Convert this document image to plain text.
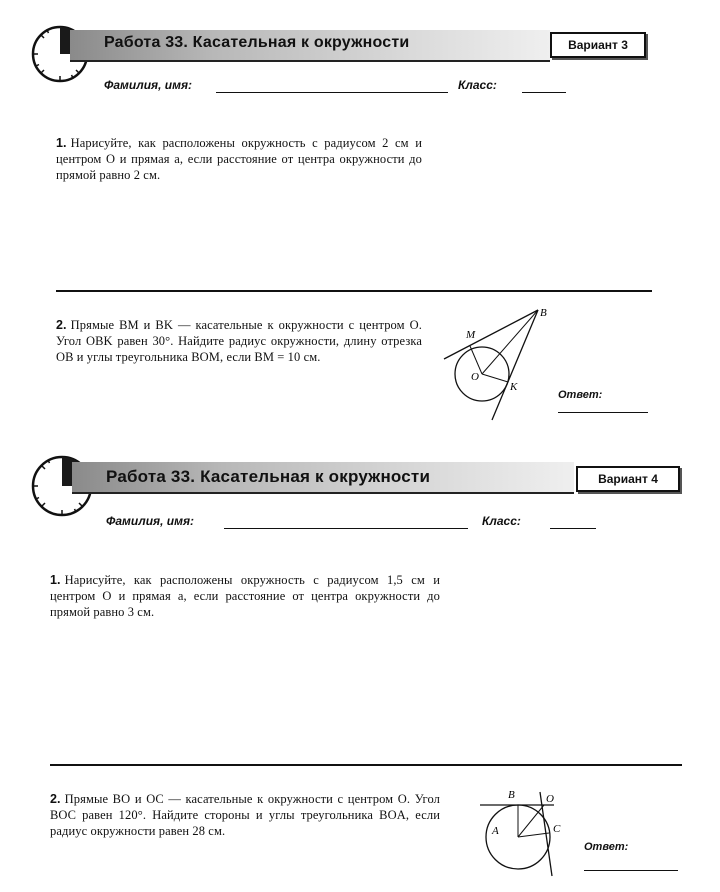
Работа 33. Касательная к окружности	Вариант 3
Фамилия, имя:	Класс:
1. Нарисуйте, как расположены окружность с радиусом 2 см и центром O и прямая a, если расстояние от центра окружности до прямой равно 2 см.
2. Прямые BM и BK — касательные к окружности с центром O. Угол OBK равен 30°. Найдите радиус окружности, длину отрезка OB и углы треугольника BOM, если BM = 10 см.
B
M
O
K
Ответ:
Работа 33. Касательная к окружности	Вариант 4
Фамилия, имя:	Класс:
1. Нарисуйте, как расположены окружность с радиусом 1,5 см и центром O и прямая a, если расстояние от центра окружности до прямой равно 3 см.
2. Прямые BO и OC — касательные к окружности с центром O. Угол BOC равен 120°. Найдите стороны и углы треугольника BOA, если радиус окружности равен 28 см.
B	O
A	C
Ответ:
